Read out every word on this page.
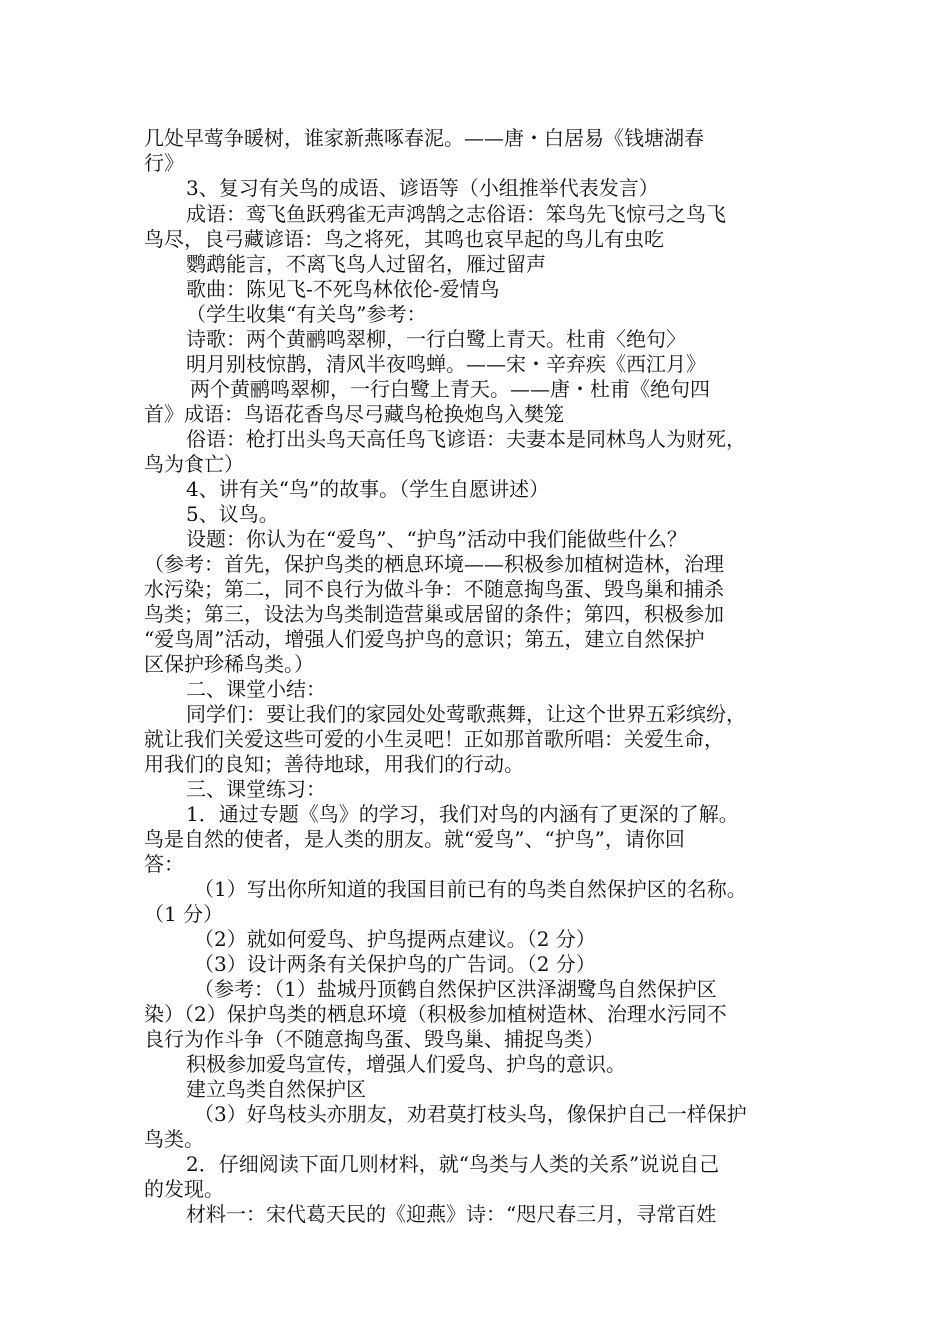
几处早莺争暖树，谁家新燕啄春泥。——唐・白居易《钱塘湖春
行》
3、复习有关鸟的成语、谚语等（小组推举代表发言）
成语：鸾飞鱼跃鸦雀无声鸿鹄之志俗语：笨鸟先飞惊弓之鸟飞
鸟尽，良弓藏谚语：鸟之将死，其鸣也哀早起的鸟儿有虫吃
鹦鹉能言，不离飞鸟人过留名，雁过留声
歌曲：陈见飞-不死鸟林依伦-爱情鸟
（学生收集“有关鸟”参考：
诗歌：两个黄鹂鸣翠柳，一行白鹭上青天。杜甫〈绝句〉
明月别枝惊鹊，清风半夜鸣蝉。——宋・辛弃疾《西江月》
两个黄鹂鸣翠柳，一行白鹭上青天。——唐・杜甫《绝句四
首》成语：鸟语花香鸟尽弓藏鸟枪换炮鸟入樊笼
俗语：枪打出头鸟天高任鸟飞谚语：夫妻本是同林鸟人为财死，
鸟为食亡）
4、讲有关“鸟”的故事。（学生自愿讲述）
5、议鸟。
设题：你认为在“爱鸟”、“护鸟”活动中我们能做些什么？
（参考：首先，保护鸟类的栖息环境——积极参加植树造林，治理
水污染；第二，同不良行为做斗争：不随意掏鸟蛋、毁鸟巢和捕杀
鸟类；第三，设法为鸟类制造营巢或居留的条件；第四，积极参加
“爱鸟周”活动，增强人们爱鸟护鸟的意识；第五，建立自然保护
区保护珍稀鸟类。）
二、课堂小结：
同学们：要让我们的家园处处莺歌燕舞，让这个世界五彩缤纷，
就让我们关爱这些可爱的小生灵吧！正如那首歌所唱：关爱生命，
用我们的良知；善待地球，用我们的行动。
三、课堂练习：
1．通过专题《鸟》的学习，我们对鸟的内涵有了更深的了解。
鸟是自然的使者，是人类的朋友。就“爱鸟”、“护鸟”，请你回
答：
（1）写出你所知道的我国目前已有的鸟类自然保护区的名称。
（1 分）
（2）就如何爱鸟、护鸟提两点建议。（2 分）
（3）设计两条有关保护鸟的广告词。（2 分）
（参考：（1）盐城丹顶鹤自然保护区洪泽湖鹭鸟自然保护区
染）（2）保护鸟类的栖息环境（积极参加植树造林、治理水污同不
良行为作斗争（不随意掏鸟蛋、毁鸟巢、捕捉鸟类）
积极参加爱鸟宣传，增强人们爱鸟、护鸟的意识。
建立鸟类自然保护区
（3）好鸟枝头亦朋友，劝君莫打枝头鸟，像保护自己一样保护
鸟类。
2．仔细阅读下面几则材料，就“鸟类与人类的关系”说说自己
的发现。
材料一：宋代葛天民的《迎燕》诗：“咫尺春三月，寻常百姓
